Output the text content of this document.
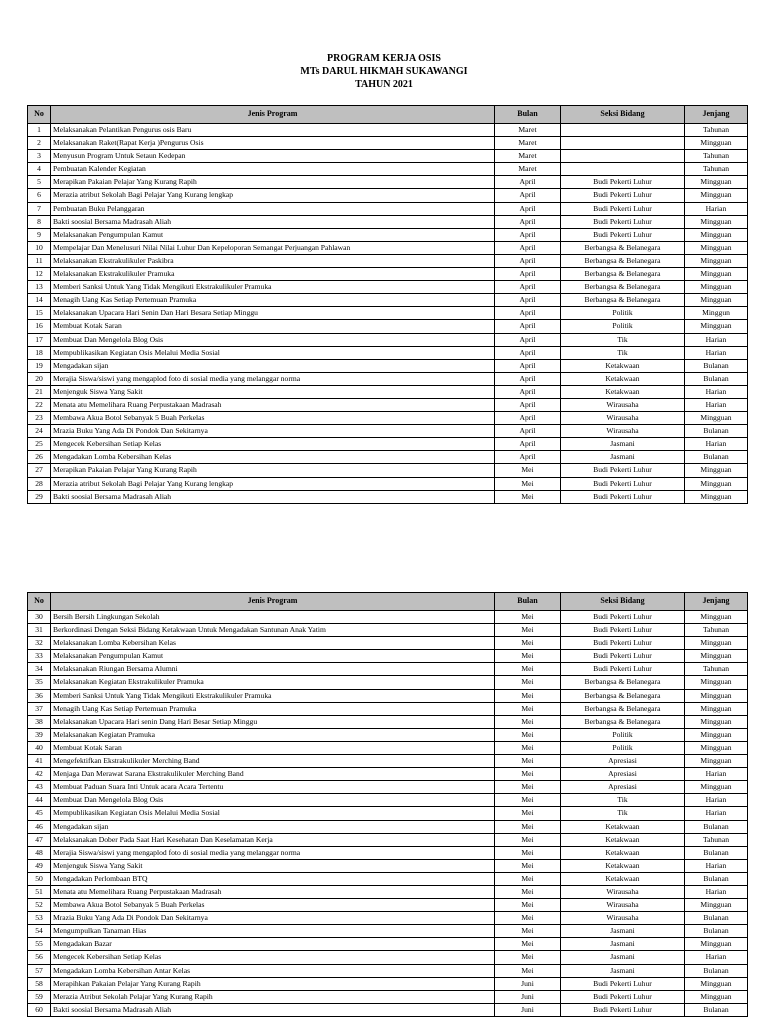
PROGRAM KERJA OSIS
MTs DARUL HIKMAH SUKAWANGI
TAHUN 2021
No	Jenis Program	Bulan	Seksi Bidang	Jenjang
1	Melaksanakan Pelantikan Pengurus osis Baru	Maret		Tahunan
2	Melaksanakan Raket(Rapat Kerja )Pengurus Osis	Maret		Mingguan
3	Menyusun Program Untuk Setaun Kedepan	Maret		Tahunan
4	Pembuatan Kalender Kegiatan	Maret		Tahunan
5	Merapikan Pakaian Pelajar Yang Kurang Rapih	April	Budi Pekerti Luhur	Mingguan
6	Merazia atribut Sekolah Bagi Pelajar Yang Kurang lengkap	April	Budi Pekerti Luhur	Mingguan
7	Pembuatan Buku Pelanggaran	April	Budi Pekerti Luhur	Harian
8	Bakti soosial Bersama Madrasah Aliah	April	Budi Pekerti Luhur	Mingguan
9	Melaksanakan Pengumpulan Kamut	April	Budi Pekerti Luhur	Mingguan
10	Mempelajar Dan Menelusuri Nilai Nilai Luhur Dan Kepeloporan Semangat Perjuangan Pahlawan	April	Berbangsa & Belanegara	Mingguan
11	Melaksanakan Ekstrakulikuler Paskibra	April	Berbangsa & Belanegara	Mingguan
12	Melaksanakan Ekstrakulikuler Pramuka	April	Berbangsa & Belanegara	Mingguan
13	Memberi Sanksi Untuk Yang Tidak Mengikuti Ekstrakulikuler Pramuka	April	Berbangsa & Belanegara	Mingguan
14	Menagih Uang Kas Setiap Pertemuan Pramuka	April	Berbangsa & Belanegara	Mingguan
15	Melaksanakan Upacara Hari Senin Dan Hari Besara Setiap Minggu	April	Politik	Minggun
16	Membuat Kotak Saran	April	Politik	Mingguan
17	Membuat Dan Mengelola Blog Osis	April	Tik	Harian
18	Mempublikasikan Kegiatan Osis Melalui Media Sosial	April	Tik	Harian
19	Mengadakan sijan	April	Ketakwaan	Bulanan
20	Merajia Siswa/siswi yang mengaplod foto di sosial media yang melanggar norma	April	Ketakwaan	Bulanan
21	Menjenguk Siswa Yang Sakit	April	Ketakwaan	Harian
22	Menata atu Memelihara Ruang Perpustakaan Madrasah	April	Wirausaha	Harian
23	Membawa Akua Botol Sebanyak 5 Buah Perkelas	April	Wirausaha	Mingguan
24	Mrazia Buku Yang Ada Di Pondok Dan Sekitarnya	April	Wirausaha	Bulanan
25	Mengecek Kebersihan Setiap Kelas	April	Jasmani	Harian
26	Mengadakan Lomba Kebersihan Kelas	April	Jasmani	Bulanan
27	Merapikan Pakaian Pelajar Yang Kurang Rapih	Mei	Budi Pekerti Luhur	Mingguan
28	Merazia atribut Sekolah Bagi Pelajar Yang Kurang lengkap	Mei	Budi Pekerti Luhur	Mingguan
29	Bakti soosial Bersama Madrasah Aliah	Mei	Budi Pekerti Luhur	Mingguan
No	Jenis Program	Bulan	Seksi Bidang	Jenjang
30	Bersih Bersih Lingkungan Sekolah	Mei	Budi Pekerti Luhur	Mingguan
31	Berkordinasi Dengan Seksi Bidang Ketakwaan Untuk Mengadakan Santunan Anak Yatim	Mei	Budi Pekerti Luhur	Tahunan
32	Melaksanakan Lomba Kebersihan Kelas	Mei	Budi Pekerti Luhur	Mingguan
33	Melaksanakan Pengumpulan Kamut	Mei	Budi Pekerti Luhur	Mingguan
34	Melaksanakan Riungan Bersama Alumni	Mei	Budi Pekerti Luhur	Tahunan
35	Melaksanakan Kegiatan Ekstrakulikuler Pramuka	Mei	Berbangsa & Belanegara	Mingguan
36	Memberi Sanksi Untuk Yang Tidak Mengikuti Ekstrakulikuler Pramuka	Mei	Berbangsa & Belanegara	Mingguan
37	Menagih Uang Kas Setiap Pertemuan Pramuka	Mei	Berbangsa & Belanegara	Mingguan
38	Melaksanakan Upacara Hari senin Dang Hari Besar Setiap Minggu	Mei	Berbangsa & Belanegara	Mingguan
39	Melaksanakan Kegiatan Pramuka	Mei	Politik	Mingguan
40	Membuat Kotak Saran	Mei	Politik	Mingguan
41	Mengefektifkan Ekstrakulikuler Merching Band	Mei	Apresiasi	Mingguan
42	Menjaga Dan Merawat Sarana Ekstrakulikuler Merching Band	Mei	Apresiasi	Harian
43	Membuat Paduan Suara Inti Untuk acara Acara Tertentu	Mei	Apresiasi	Mingguan
44	Membuat Dan Mengelola Blog Osis	Mei	Tik	Harian
45	Mempublikasikan Kegiatan Osis Melalui Media Sosial	Mei	Tik	Harian
46	Mengadakan sijan	Mei	Ketakwaan	Bulanan
47	Melaksanakan Dober Pada Saat Hari Kesehatan Dan Keselamatan Kerja	Mei	Ketakwaan	Tahunan
48	Merajia Siswa/siswi yang mengaplod foto di sosial media yang melanggar norma	Mei	Ketakwaan	Bulanan
49	Menjenguk Siswa Yang Sakit	Mei	Ketakwaan	Harian
50	Mengadakan Perlombaan BTQ	Mei	Ketakwaan	Bulanan
51	Menata atu Memelihara Ruang Perpustakaan Madrasah	Mei	Wirausaha	Harian
52	Membawa Akua Botol Sebanyak 5 Buah Perkelas	Mei	Wirausaha	Mingguan
53	Mrazia Buku Yang Ada Di Pondok Dan Sekitarnya	Mei	Wirausaha	Bulanan
54	Mengumpulkan Tanaman Hias	Mei	Jasmani	Bulanan
55	Mengadakan Bazar	Mei	Jasmani	Mingguan
56	Mengecek Kebersihan Setiap Kelas	Mei	Jasmani	Harian
57	Mengadakan Lomba Kebersihan Antar Kelas	Mei	Jasmani	Bulanan
58	Merapihkan Pakaian Pelajar Yang Kurang Rapih	Juni	Budi Pekerti Luhur	Mingguan
59	Merazia Atribut Sekolah Pelajar Yang Kurang Rapih	Juni	Budi Pekerti Luhur	Mingguan
60	Bakti soosial Bersama Madrasah Aliah	Juni	Budi Pekerti Luhur	Bulanan
